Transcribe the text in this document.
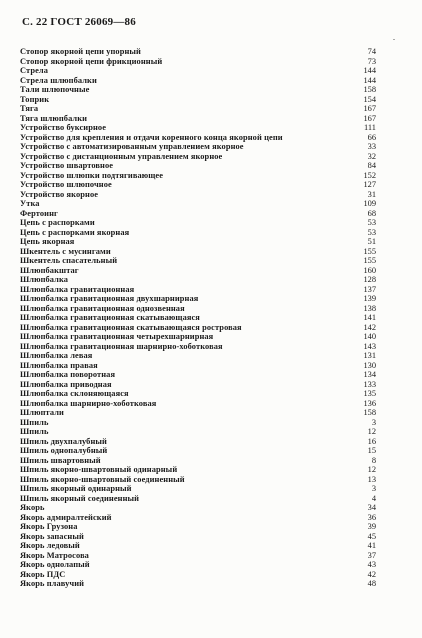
С. 22 ГОСТ 26069—86
.
Стопор якорной цепи упорный	74
Стопор якорной цепи фрикционный	73
Стрела	144
Стрела шлюпбалки	144
Тали шлюпочные	158
Топрик	154
Тяга	167
Тяга шлюпбалки	167
Устройство буксирное	111
Устройство для крепления и отдачи коренного конца якорной цепи	66
Устройство с автоматизированным управлением якорное	33
Устройство с дистанционным управлением якорное	32
Устройство швартовное	84
Устройство шлюпки подтягивающее	152
Устройство шлюпочное	127
Устройство якорное	31
Утка	109
Фертоинг	68
Цепь с распорками	53
Цепь с распорками якорная	53
Цепь якорная	51
Шкентель с мусингами	155
Шкентель спасательный	155
Шлюпбакштаг	160
Шлюпбалка	128
Шлюпбалка гравитационная	137
Шлюпбалка гравитационная двухшарнирная	139
Шлюпбалка гравитационная однозвенная	138
Шлюпбалка гравитационная скатывающаяся	141
Шлюпбалка гравитационная скатывающаяся ростровая	142
Шлюпбалка гравитационная четырехшарнирная	140
Шлюпбалка гравитационная шарнирно-хоботковая	143
Шлюпбалка левая	131
Шлюпбалка правая	130
Шлюпбалка поворотная	134
Шлюпбалка приводная	133
Шлюпбалка склоняющаяся	135
Шлюпбалка шарнирно-хоботковая	136
Шлюптали	158
Шпиль	3
Шпиль	12
Шпиль двухпалубный	16
Шпиль однопалубный	15
Шпиль швартовный	8
Шпиль якорно-швартовный одинарный	12
Шпиль якорно-швартовный соединенный	13
Шпиль якорный одинарный	3
Шпиль якорный соединенный	4
Якорь	34
Якорь адмиралтейский	36
Якорь Грузона	39
Якорь запасный	45
Якорь ледовый	41
Якорь Матросова	37
Якорь однолапый	43
Якорь ПДС	42
Якорь плавучий	48
